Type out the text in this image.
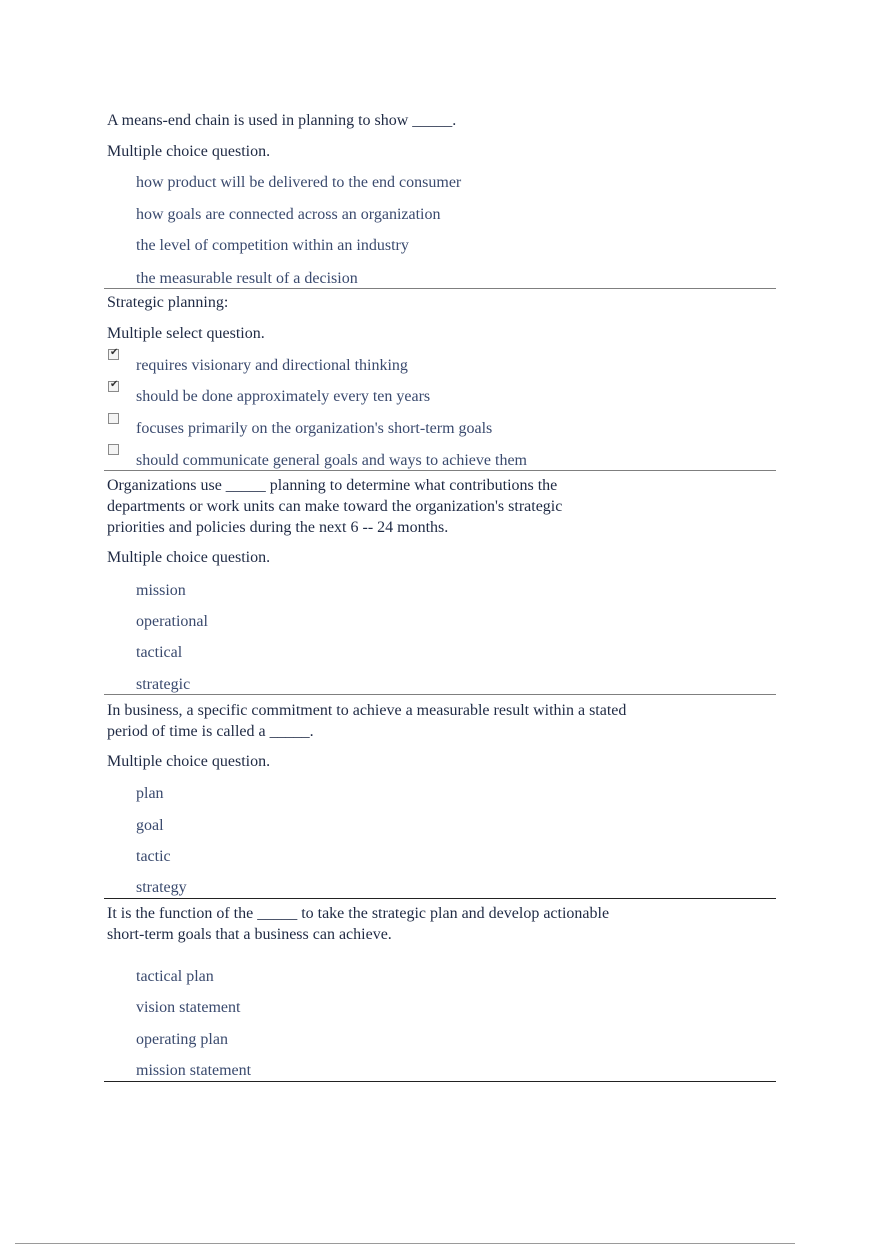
A means-end chain is used in planning to show _____.
Multiple choice question.
how product will be delivered to the end consumer
how goals are connected across an organization
the level of competition within an industry
the measurable result of a decision
Strategic planning:
Multiple select question.
✔
requires visionary and directional thinking
✔
should be done approximately every ten years
focuses primarily on the organization's short-term goals
should communicate general goals and ways to achieve them
Organizations use _____ planning to determine what contributions the
departments or work units can make toward the organization's strategic
priorities and policies during the next 6 -- 24 months.
Multiple choice question.
mission
operational
tactical
strategic
In business, a specific commitment to achieve a measurable result within a stated
period of time is called a _____.
Multiple choice question.
plan
goal
tactic
strategy
It is the function of the _____ to take the strategic plan and develop actionable
short-term goals that a business can achieve.
tactical plan
vision statement
operating plan
mission statement
